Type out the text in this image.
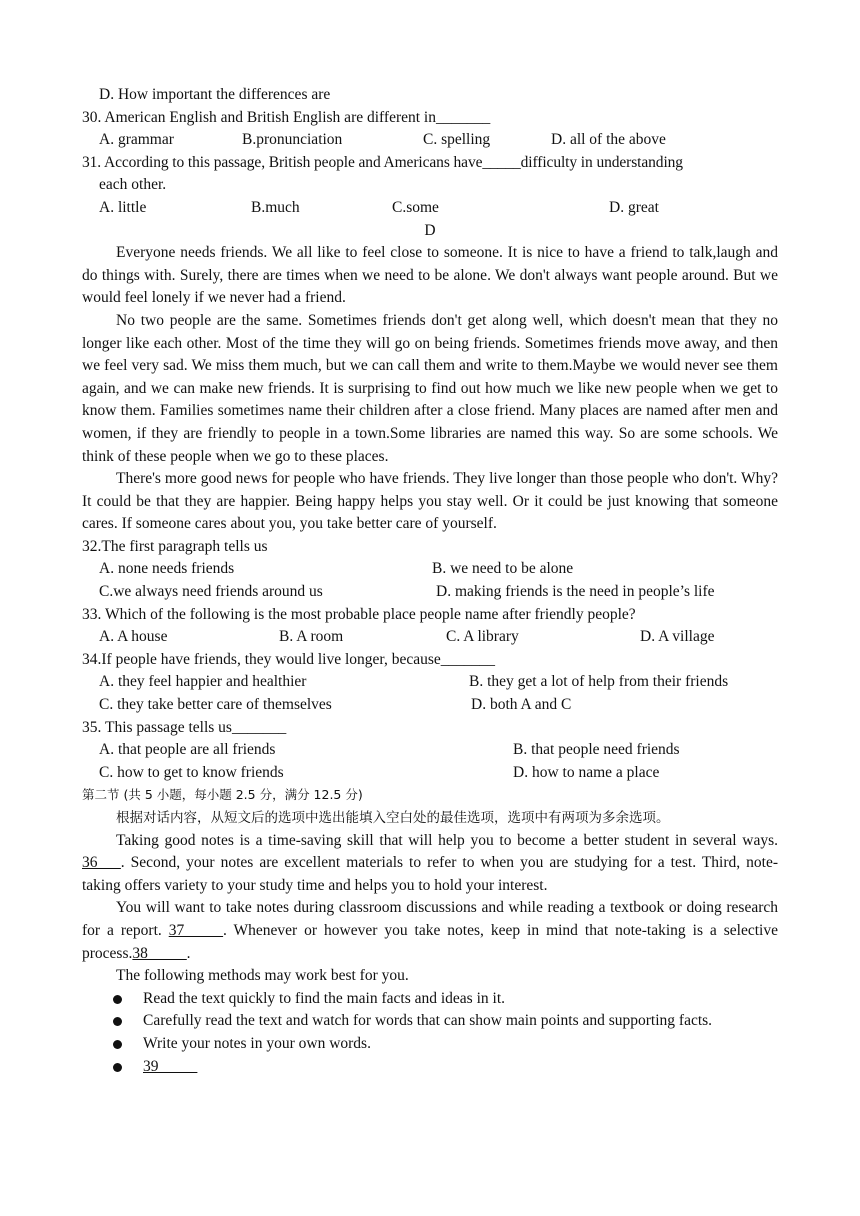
D. How important the differences are
30. American English and British English are different in_______
A. grammar	B.pronunciation	C. spelling	D. all of the above
31. According to this passage, British people and Americans have_____difficulty in understanding
each other.
A. little	B.much	C.some	D. great
D
Everyone needs friends. We all like to feel close to someone. It is nice to have a friend to talk,laugh and do things with. Surely, there are times when we need to be alone. We don't always want people around. But we would feel lonely if we never had a friend.
No two people are the same. Sometimes friends don't get along well, which doesn't mean that they no longer like each other. Most of the time they will go on being friends. Sometimes friends move away, and then we feel very sad. We miss them much, but we can call them and write to them.Maybe we would never see them again, and we can make new friends. It is surprising to find out how much we like new people when we get to know them. Families sometimes name their children after a close friend. Many places are named after men and women, if they are friendly to people in a town.Some libraries are named this way. So are some schools. We think of these people when we go to these places.
There's more good news for people who have friends. They live longer than those people who don't. Why? It could be that they are happier. Being happy helps you stay well. Or it could be just knowing that someone cares. If someone cares about you, you take better care of yourself.
32.The first paragraph tells us
A. none needs friends	B. we need to be alone
C.we always need friends around us	D. making friends is the need in people’s life
33. Which of the following is the most probable place people name after friendly people?
A. A house	B. A room	C. A library	D. A village
34.If people have friends, they would live longer, because_______
A. they feel happier and healthier	B. they get a lot of help from their friends
C. they take better care of themselves	D. both A and C
35. This passage tells us_______
A. that people are all friends	B. that people need friends
C. how to get to know friends	D. how to name a place
第二节 (共 5 小题，每小题 2.5 分，满分 12.5 分)
根据对话内容，从短文后的选项中选出能填入空白处的最佳选项，选项中有两项为多余选项。
Taking good notes is a time-saving skill that will help you to become a better student in several ways. 36___. Second, your notes are excellent materials to refer to when you are studying for a test. Third, note-taking offers variety to your study time and helps you to hold your interest.
You will want to take notes during classroom discussions and while reading a textbook or doing research for a report. 37_____. Whenever or however you take notes, keep in mind that note-taking is a selective process.38_____.
The following methods may work best for you.
Read the text quickly to find the main facts and ideas in it.
Carefully read the text and watch for words that can show main points and supporting facts.
Write your notes in your own words.
39_____
